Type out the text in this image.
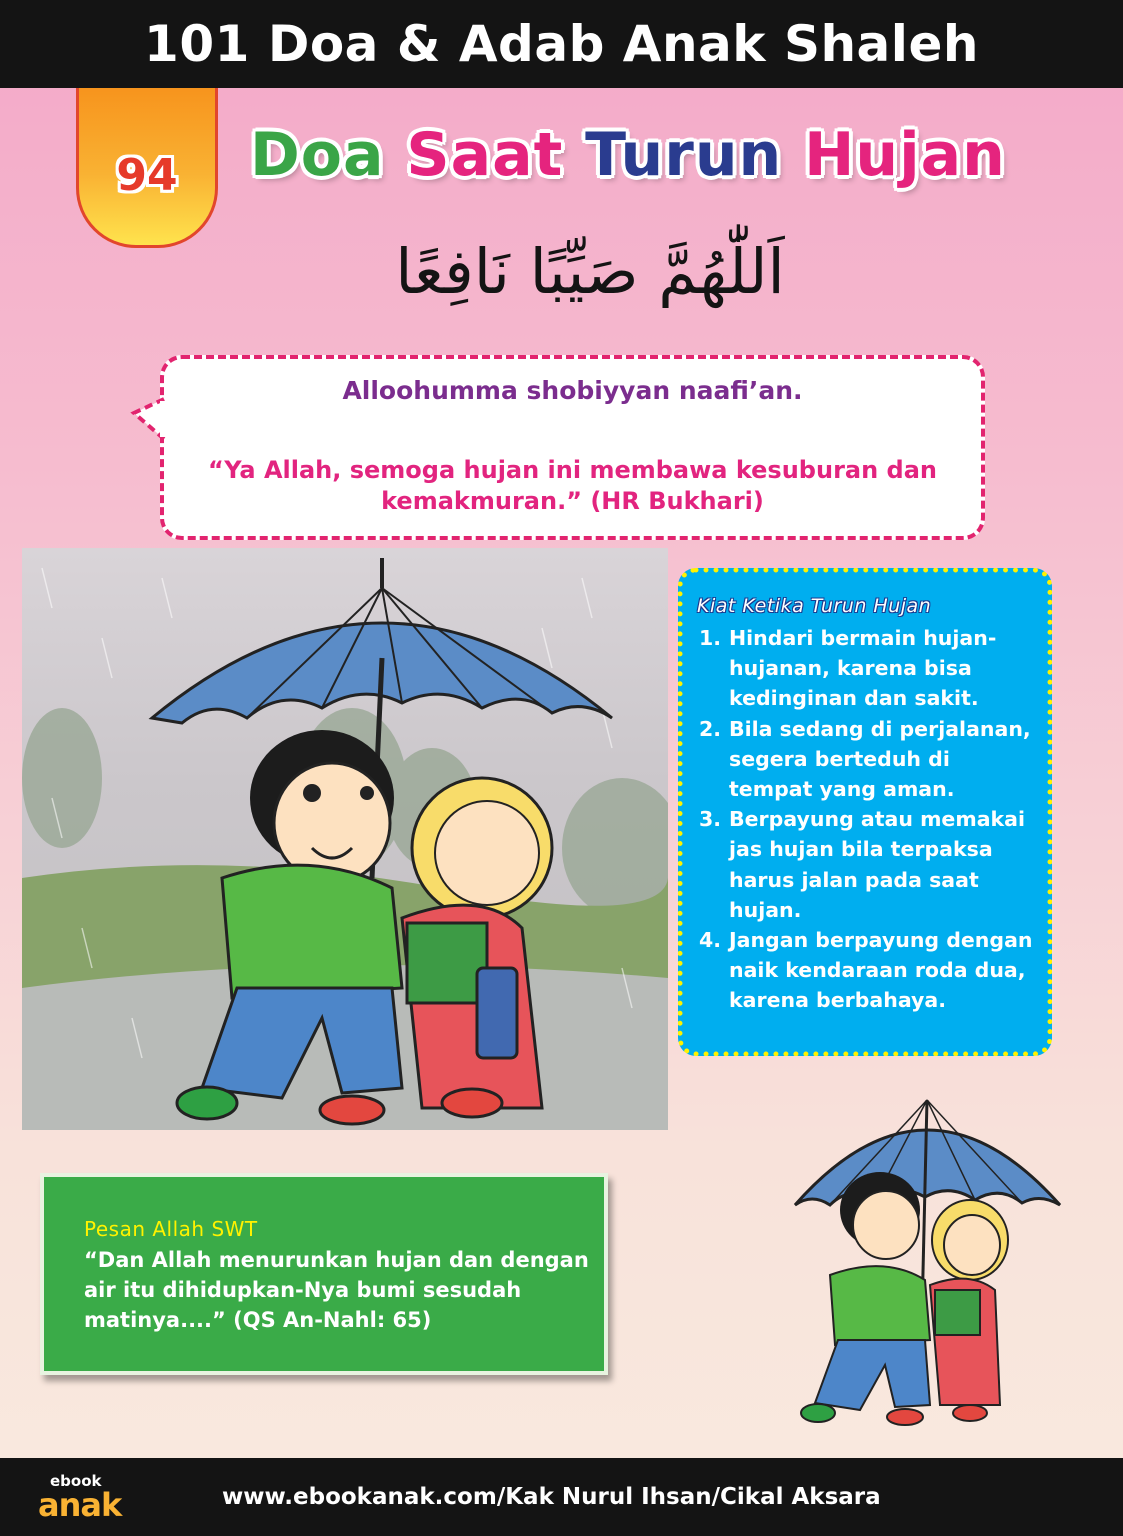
101 Doa & Adab Anak Shaleh
94	Doa Saat Turun Hujan
اَللّٰهُمَّ صَيِّبًا نَافِعًا
Alloohumma shobiyyan naafi’an.
“Ya Allah, semoga hujan ini membawa kesuburan dan kemakmuran.” (HR Bukhari)
Kiat Ketika Turun Hujan
1. Hindari bermain hujan-hujanan, karena bisa kedinginan dan sakit.
2. Bila sedang di perjalanan, segera berteduh di tempat yang aman.
3. Berpayung atau memakai jas hujan bila terpaksa harus jalan pada saat hujan.
4. Jangan berpayung dengan naik kendaraan roda dua, karena berbahaya.
Pesan Allah SWT
“Dan Allah menurunkan hujan dan dengan air itu dihidupkan-Nya bumi sesudah matinya....” (QS An-Nahl: 65)
ebook
anak	www.ebookanak.com/Kak Nurul Ihsan/Cikal Aksara
